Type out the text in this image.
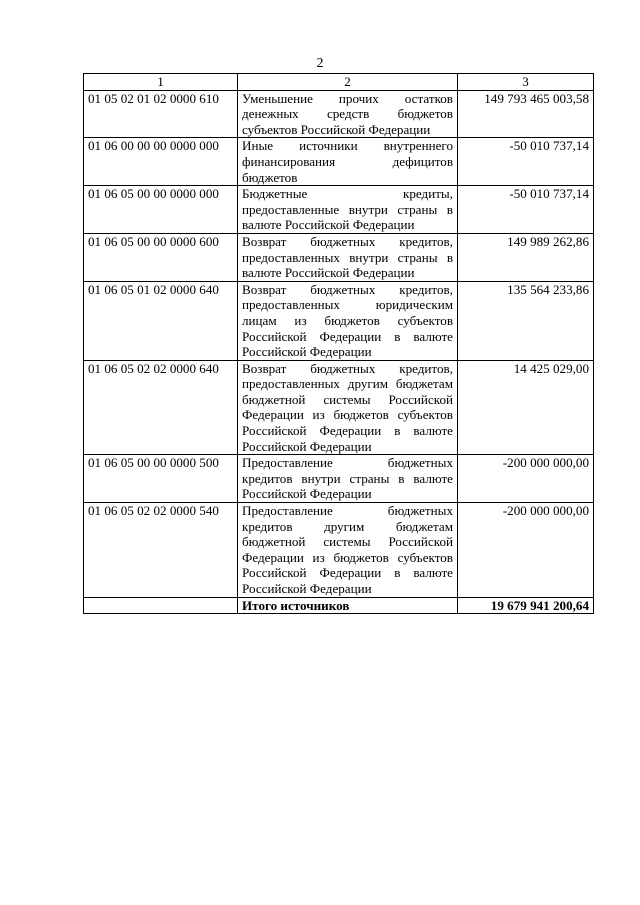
2
1	2	3
01 05 02 01 02 0000 610	Уменьшение прочих остатков денежных средств бюджетов субъектов Российской Федерации	149 793 465 003,58
01 06 00 00 00 0000 000	Иные источники внутреннего финансирования дефицитов бюджетов	-50 010 737,14
01 06 05 00 00 0000 000	Бюджетные кредиты, предоставленные внутри страны в валюте Российской Федерации	-50 010 737,14
01 06 05 00 00 0000 600	Возврат бюджетных кредитов, предоставленных внутри страны в валюте Российской Федерации	149 989 262,86
01 06 05 01 02 0000 640	Возврат бюджетных кредитов, предоставленных юридическим лицам из бюджетов субъектов Российской Федерации в валюте Российской Федерации	135 564 233,86
01 06 05 02 02 0000 640	Возврат бюджетных кредитов, предоставленных другим бюджетам бюджетной системы Российской Федерации из бюджетов субъектов Российской Федерации в валюте Российской Федерации	14 425 029,00
01 06 05 00 00 0000 500	Предоставление бюджетных кредитов внутри страны в валюте Российской Федерации	-200 000 000,00
01 06 05 02 02 0000 540	Предоставление бюджетных кредитов другим бюджетам бюджетной системы Российской Федерации из бюджетов субъектов Российской Федерации в валюте Российской Федерации	-200 000 000,00
	Итого источников	19 679 941 200,64
